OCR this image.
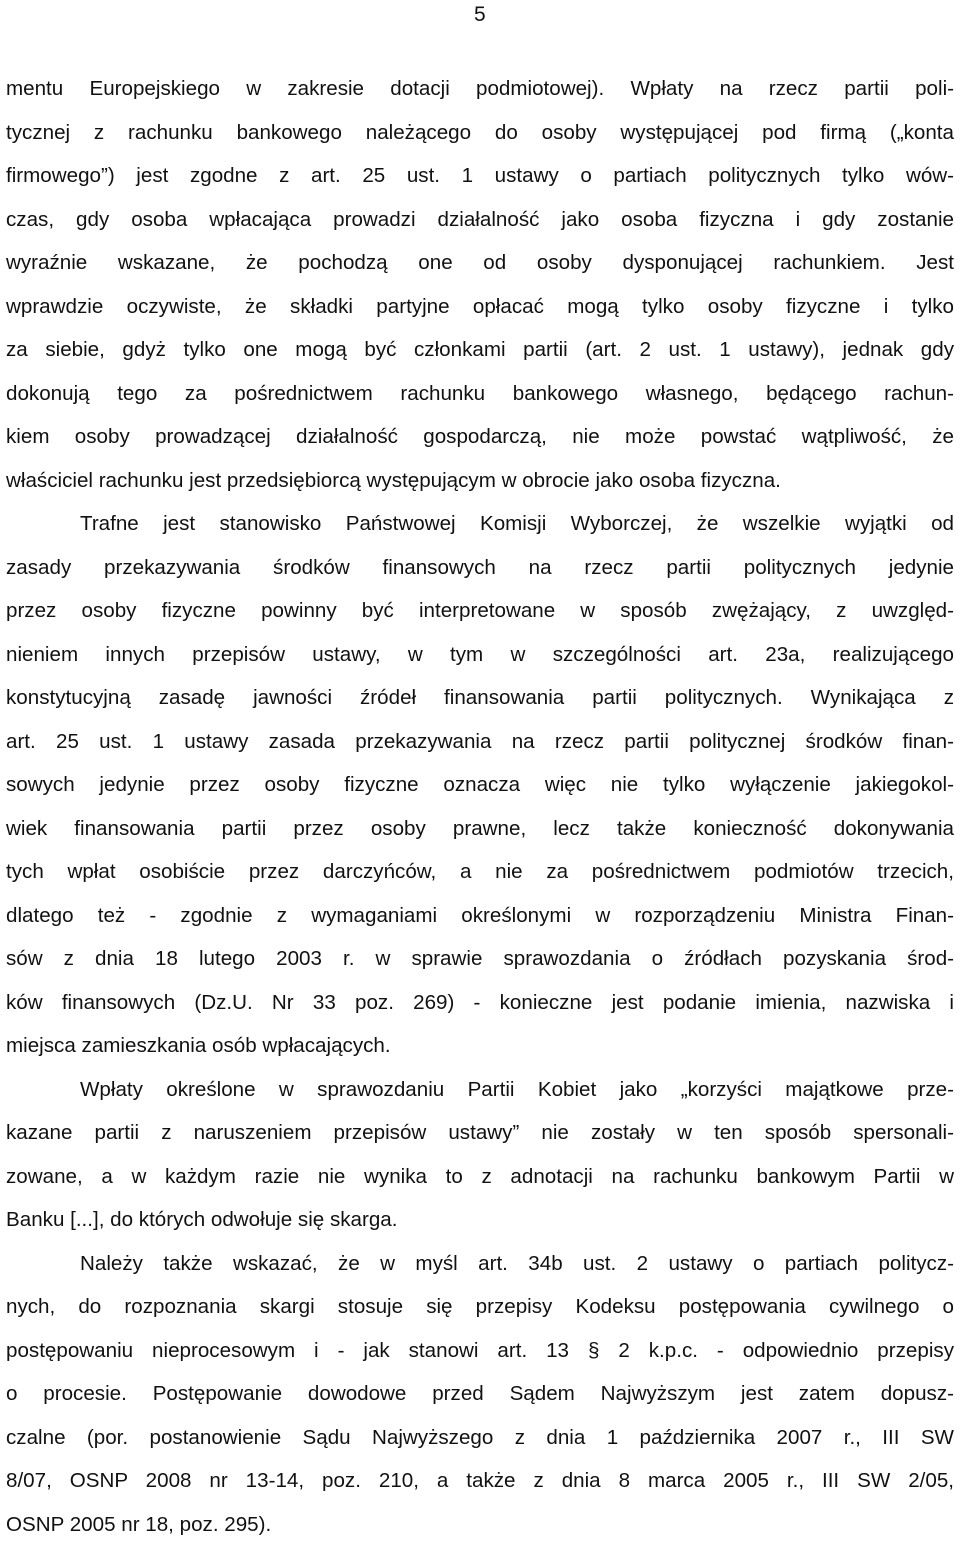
5
mentu Europejskiego w zakresie dotacji podmiotowej). Wpłaty na rzecz partii poli-
tycznej z rachunku bankowego należącego do osoby występującej pod firmą („konta
firmowego”) jest zgodne z art. 25 ust. 1 ustawy o partiach politycznych tylko wów-
czas, gdy osoba wpłacająca prowadzi działalność jako osoba fizyczna i gdy zostanie
wyraźnie wskazane, że pochodzą one od osoby dysponującej rachunkiem. Jest
wprawdzie oczywiste, że składki partyjne opłacać mogą tylko osoby fizyczne i tylko
za siebie, gdyż tylko one mogą być członkami partii (art. 2 ust. 1 ustawy), jednak gdy
dokonują tego za pośrednictwem rachunku bankowego własnego, będącego rachun-
kiem osoby prowadzącej działalność gospodarczą, nie może powstać wątpliwość, że
właściciel rachunku jest przedsiębiorcą występującym w obrocie jako osoba fizyczna.
Trafne jest stanowisko Państwowej Komisji Wyborczej, że wszelkie wyjątki od
zasady przekazywania środków finansowych na rzecz partii politycznych jedynie
przez osoby fizyczne powinny być interpretowane w sposób zwężający, z uwzględ-
nieniem innych przepisów ustawy, w tym w szczególności art. 23a, realizującego
konstytucyjną zasadę jawności źródeł finansowania partii politycznych. Wynikająca z
art. 25 ust. 1 ustawy zasada przekazywania na rzecz partii politycznej środków finan-
sowych jedynie przez osoby fizyczne oznacza więc nie tylko wyłączenie jakiegokol-
wiek finansowania partii przez osoby prawne, lecz także konieczność dokonywania
tych wpłat osobiście przez darczyńców, a nie za pośrednictwem podmiotów trzecich,
dlatego też - zgodnie z wymaganiami określonymi w rozporządzeniu Ministra Finan-
sów z dnia 18 lutego 2003 r. w sprawie sprawozdania o źródłach pozyskania środ-
ków finansowych (Dz.U. Nr 33 poz. 269) - konieczne jest podanie imienia, nazwiska i
miejsca zamieszkania osób wpłacających.
Wpłaty określone w sprawozdaniu Partii Kobiet jako „korzyści majątkowe prze-
kazane partii z naruszeniem przepisów ustawy” nie zostały w ten sposób spersonali-
zowane, a w każdym razie nie wynika to z adnotacji na rachunku bankowym Partii w
Banku [...], do których odwołuje się skarga.
Należy także wskazać, że w myśl art. 34b ust. 2 ustawy o partiach politycz-
nych, do rozpoznania skargi stosuje się przepisy Kodeksu postępowania cywilnego o
postępowaniu nieprocesowym i - jak stanowi art. 13 § 2 k.p.c. - odpowiednio przepisy
o procesie. Postępowanie dowodowe przed Sądem Najwyższym jest zatem dopusz-
czalne (por. postanowienie Sądu Najwyższego z dnia 1 października 2007 r., III SW
8/07, OSNP 2008 nr 13-14, poz. 210, a także z dnia 8 marca 2005 r., III SW 2/05,
OSNP 2005 nr 18, poz. 295).
